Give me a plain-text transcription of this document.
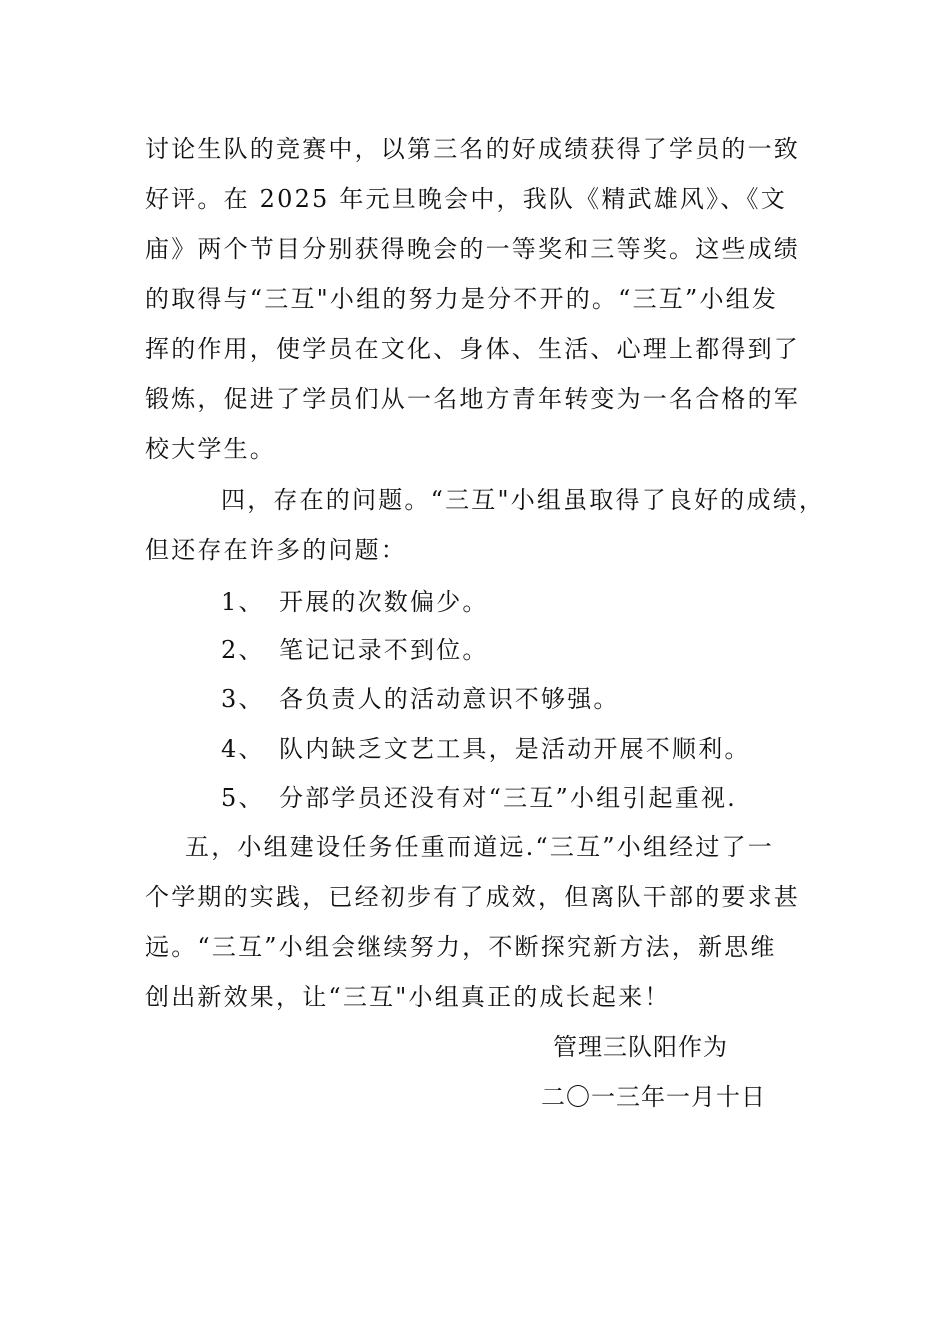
讨论生队的竞赛中，以第三名的好成绩获得了学员的一致
好评。在 2025 年元旦晚会中，我队《精武雄风》、《文
庙》两个节目分别获得晚会的一等奖和三等奖。这些成绩
的取得与“三互"小组的努力是分不开的。“三互”小组发
挥的作用，使学员在文化、身体、生活、心理上都得到了
锻炼，促进了学员们从一名地方青年转变为一名合格的军
校大学生。
四，存在的问题。“三互"小组虽取得了良好的成绩，
但还存在许多的问题：
1、 开展的次数偏少。
2、 笔记记录不到位。
3、 各负责人的活动意识不够强。
4、 队内缺乏文艺工具，是活动开展不顺利。
5、 分部学员还没有对“三互”小组引起重视.
五，小组建设任务任重而道远.“三互”小组经过了一
个学期的实践，已经初步有了成效，但离队干部的要求甚
远。“三互”小组会继续努力，不断探究新方法，新思维
创出新效果，让“三互"小组真正的成长起来！
管理三队阳作为
二〇一三年一月十日
